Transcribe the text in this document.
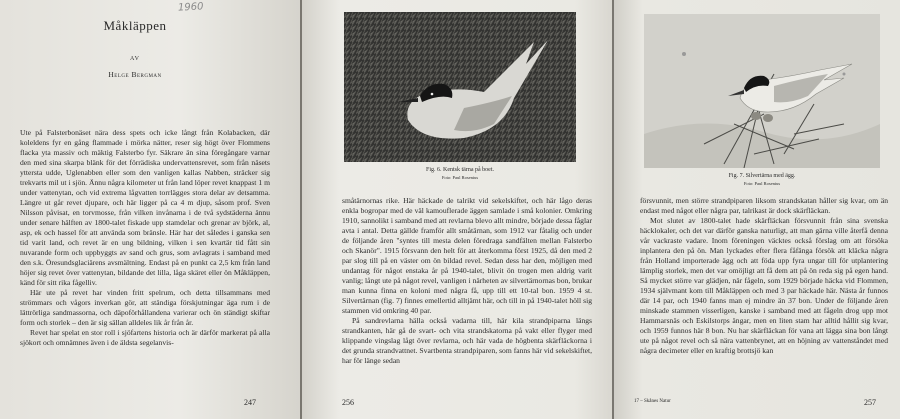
1960
Måkläppen
AV
Helge Bergman

Ute på Falsterbonäset nära dess spets och icke långt från Kolabacken, där koleldens fyr en gång flammade i mörka nätter, reser sig högt över Flommens flacka yta massiv och mäktig Falsterbo fyr. Säkrare än sina föregångare varnar den med sina skarpa blänk för det förrädiska undervattensrevet, som från näsets yttersta udde, Uglenabben eller som den vanligen kallas Nabben, sträcker sig trekvarts mil ut i sjön. Ännu några kilometer ut från land löper revet knappast 1 m under vattenytan, och vid extrema lågvatten torrlägges stora delar av detsamma. Längre ut går revet djupare, och här ligger på ca 4 m djup, såsom prof. Sven Nilsson påvisat, en torvmosse, från vilken invånarna i de två sydstäderna ännu under senare hälften av 1800-talet fiskade upp stamdelar och grenar av björk, al, asp, ek och hassel för att använda som bränsle. Här har det således i ganska sen tid varit land, och revet är en ung bildning, vilken i sen kvartär tid fått sin nuvarande form och uppbyggts av sand och grus, som avlagrats i samband med den s.k. Öresundsglaciärens avsmältning. Endast på en punkt ca 2,5 km från land höjer sig revet över vattenytan, bildande det lilla, låga skäret eller ön Måkläppen, känd för sitt rika fågelliv.

Här ute på revet har vinden fritt spelrum, och detta tillsammans med strömmars och vågors inverkan gör, att ständiga förskjutningar äga rum i de lättrörliga sandmassorna, och däpoförhållandena varierar och ön ständigt skiftar form och storlek – den är sig sällan alldeles lik år från år.

Revet har spelat en stor roll i sjöfartens historia och är därför markerat på alla sjökort och omnämnes även i de äldsta segelanvis-

247
Fig. 6. Kentsk tärna på boet.
Foto: Paul Rosenius

småtärnornas rike. Här häckade de talrikt vid sekelskiftet, och här lågo deras enkla bogropar med de väl kamouflerade äggen samlade i små kolonier. Omkring 1910, sannolikt i samband med att revlarna blevo allt mindre, började dessa fåglar avta i antal. Detta gällde framför allt småtärnan, som 1912 var fåtalig och under de följande åren "syntes till mesta delen föredraga sandfälten mellan Falsterbo och Skanör". 1915 försvann den helt för att återkomma först 1925, då den med 2 par slog till på en väster om ön bildad revel. Sedan dess har den, möjligen med undantag för något enstaka år på 1940-talet, blivit ön trogen men aldrig varit vanlig; långt ute på något revel, vanligen i närheten av silvertärnornas bon, brukar man kunna finna en koloni med några få, upp till ett 10-tal bon. 1959 4 st. Silvertärnan (fig. 7) finnes emellertid alltjämt här, och till in på 1940-talet höll sig stammen vid omkring 40 par.

På sandrevlarna hälla också vadarna till, här kila strandpiparna längs strandkanten, här gå de svart- och vita strandskatorna på vakt eller flyger med klippande vingslag lågt över revlarna, och här vada de högbenta skärfläckorna i det grunda strandvattnet. Svartbenta strandpiparen, som fanns här vid sekelskiftet, har för länge sedan

256
Fig. 7. Silvertärna med ägg.
Foto: Paul Rosenius

försvunnit, men större strandpiparen liksom strandskatan håller sig kvar, om än endast med något eller några par, talrikast är dock skärfläckan.

Mot slutet av 1800-talet hade skärfläckan försvunnit från sina svenska häcklokaler, och det var därför ganska naturligt, att man gärna ville återfå denna vår vackraste vadare. Inom föreningen väcktes också förslag om att försöka inplantera den på ön. Man lyckades efter flera fåfänga försök att kläcka några från Holland importerade ägg och att föda upp fyra ungar till för utplantering lämplig storlek, men det var omöjligt att få dem att på ön reda sig på egen hand. Så mycket större var glädjen, när fågeln, som 1929 började häcka vid Flommen, 1934 självmant kom till Måkläppen och med 3 par häckade här. Nästa år funnos där 14 par, och 1940 fanns man ej mindre än 37 bon. Under de följande åren minskade stammen visserligen, kanske i samband med att fågeln drog upp mot Hammarsnäs och Eskilstorps ängar, men en liten stam har alltid hållit sig kvar, och 1959 funnos här 8 bon. Nu har skärfläckan för vana att lägga sina bon långt ute på något revel och så nära vattenbrynet, att en höjning av vattenståndet med några decimeter eller en kraftig brottsjö kan

17 – Skånes Natur	257
